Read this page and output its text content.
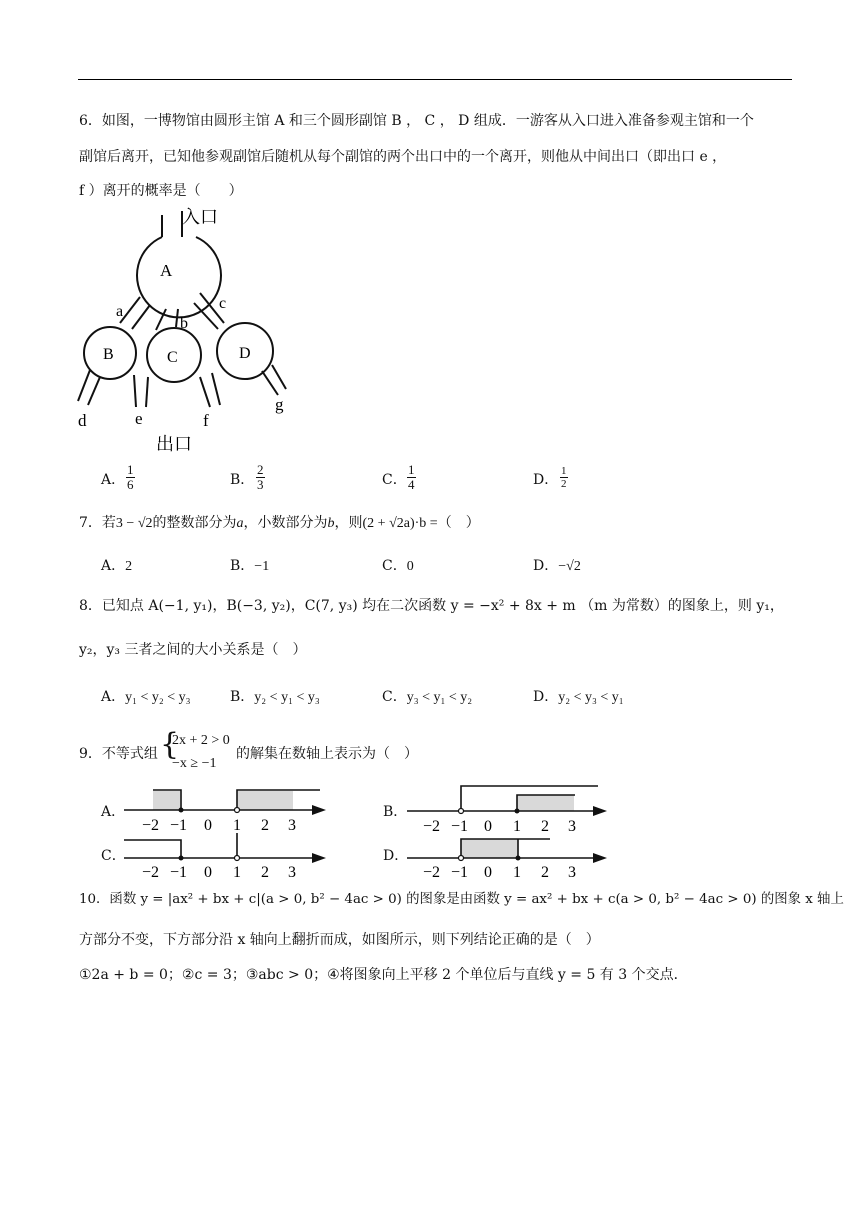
6．如图，一博物馆由圆形主馆 A 和三个圆形副馆 B ， C ， D 组成．一游客从入口进入准备参观主馆和一个
副馆后离开，已知他参观副馆后随机从每个副馆的两个出口中的一个离开，则他从中间出口（即出口 e ，
f ）离开的概率是（　　）
入口
A
B	C	D
a
b
c
d	e	f
g
出口
A． $\frac{1}{6}$	B． $\frac{2}{3}$	C． $\frac{1}{4}$	D． $\frac{1}{2}$
7．若3 − √2的整数部分为a，小数部分为b，则(2 + √2a)·b =（　）
A．2	B．−1	C．0	D．−√2
8．已知点 A(−1, y₁)，B(−3, y₂)，C(7, y₃) 均在二次函数 y = −x² + 8x + m （m 为常数）的图象上，则 y₁，
y₂，y₃ 三者之间的大小关系是（　）
A．y₁ < y₂ < y₃	B．y₂ < y₁ < y₃	C．y₃ < y₁ < y₂	D．y₂ < y₃ < y₁
9．不等式组 {
2x + 2 > 0
−x ≥ −1
的解集在数轴上表示为（　）
A．	B．
C．	D．
−2 −1 0 1 2 3	−2 −1 0 1 2 3
−2 −1 0 1 2 3	−2 −1 0 1 2 3
10．函数 y = |ax² + bx + c|(a > 0, b² − 4ac > 0) 的图象是由函数 y = ax² + bx + c(a > 0, b² − 4ac > 0) 的图象 x 轴上
方部分不变，下方部分沿 x 轴向上翻折而成，如图所示，则下列结论正确的是（　）
①2a + b = 0；②c = 3；③abc > 0；④将图象向上平移 2 个单位后与直线 y = 5 有 3 个交点．
